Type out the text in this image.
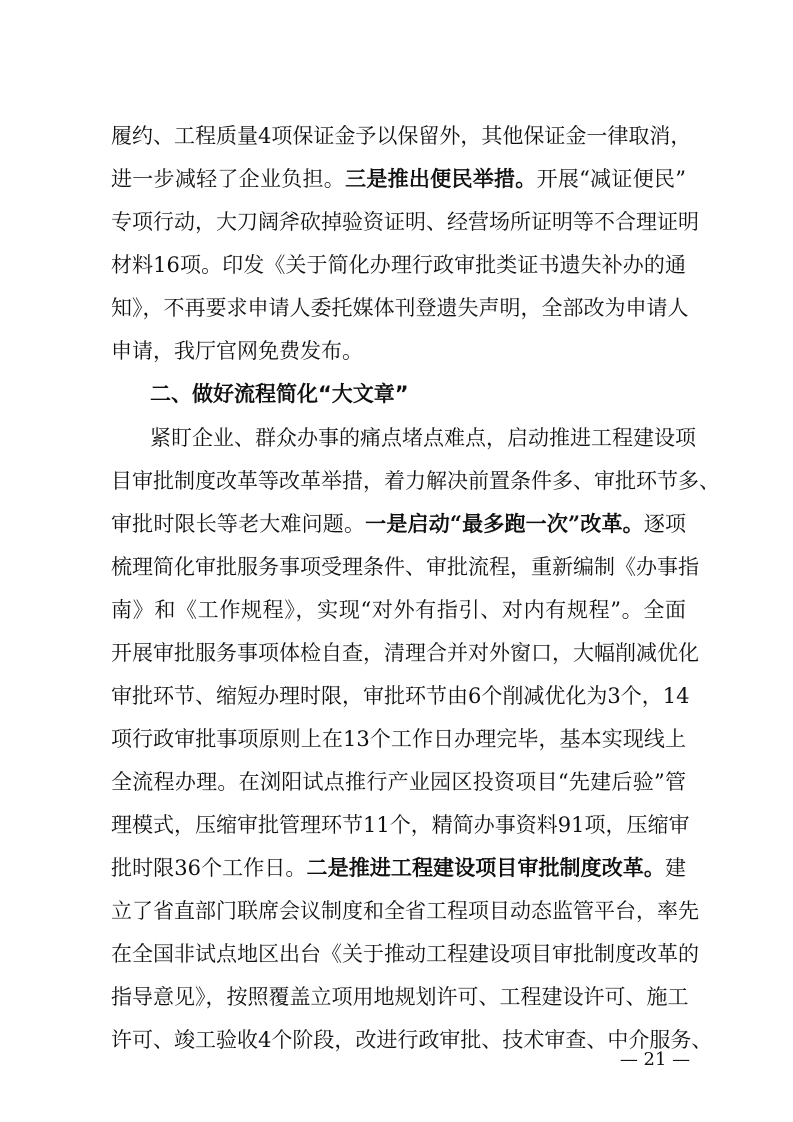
履约、工程质量4项保证金予以保留外，其他保证金一律取消，
进一步减轻了企业负担。三是推出便民举措。开展“减证便民”
专项行动，大刀阔斧砍掉验资证明、经营场所证明等不合理证明
材料16项。印发《关于简化办理行政审批类证书遗失补办的通
知》，不再要求申请人委托媒体刊登遗失声明，全部改为申请人
申请，我厅官网免费发布。
二、做好流程简化“大文章”
紧盯企业、群众办事的痛点堵点难点，启动推进工程建设项
目审批制度改革等改革举措，着力解决前置条件多、审批环节多、
审批时限长等老大难问题。一是启动“最多跑一次”改革。逐项
梳理简化审批服务事项受理条件、审批流程，重新编制《办事指
南》和《工作规程》，实现“对外有指引、对内有规程”。全面
开展审批服务事项体检自查，清理合并对外窗口，大幅削减优化
审批环节、缩短办理时限，审批环节由6个削减优化为3个，14
项行政审批事项原则上在13个工作日办理完毕，基本实现线上
全流程办理。在浏阳试点推行产业园区投资项目“先建后验”管
理模式，压缩审批管理环节11个，精简办事资料91项，压缩审
批时限36个工作日。二是推进工程建设项目审批制度改革。建
立了省直部门联席会议制度和全省工程项目动态监管平台，率先
在全国非试点地区出台《关于推动工程建设项目审批制度改革的
指导意见》，按照覆盖立项用地规划许可、工程建设许可、施工
许可、竣工验收4个阶段，改进行政审批、技术审查、中介服务、
— 21 —
